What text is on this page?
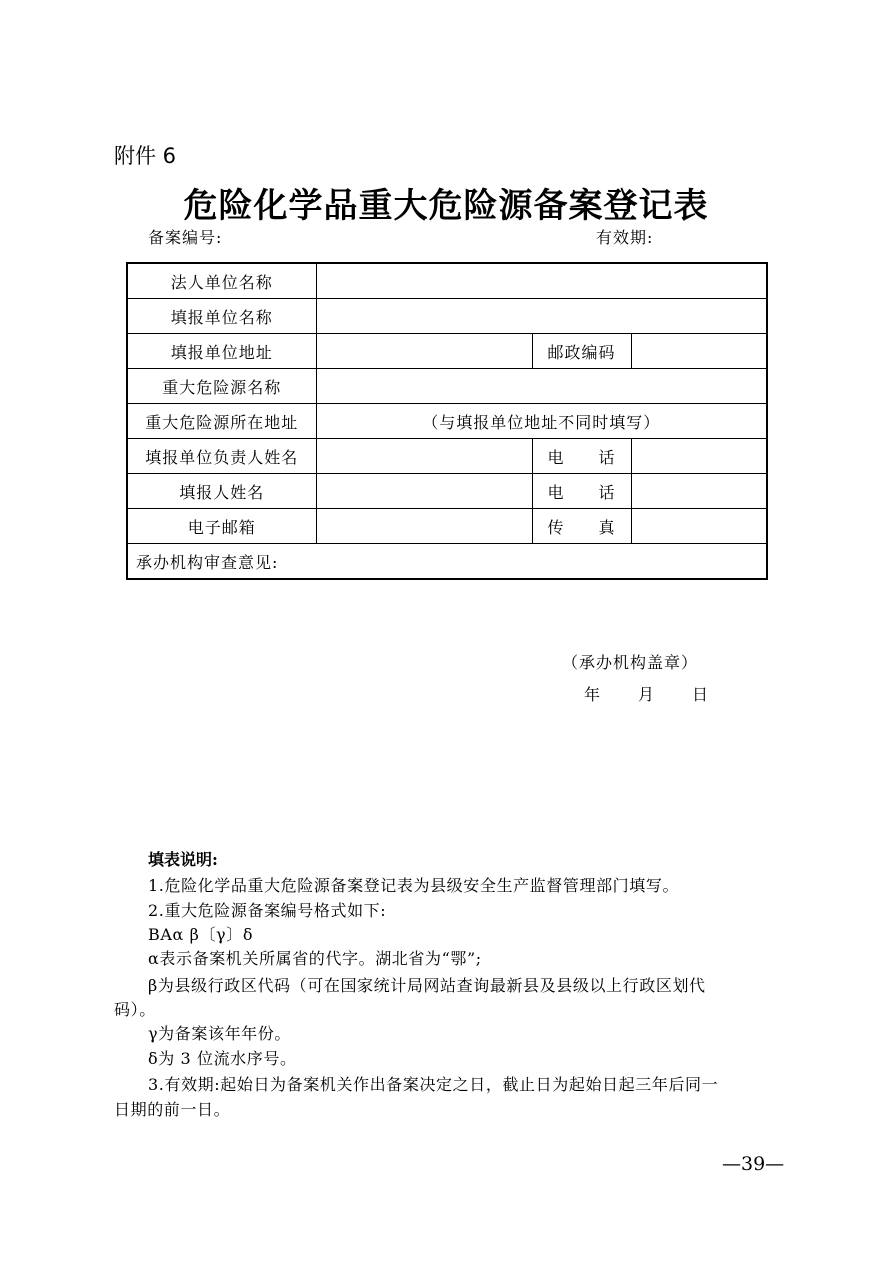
附件 6
危险化学品重大危险源备案登记表
备案编号:	有效期:
法人单位名称			
填报单位名称			
填报单位地址		邮政编码	
重大危险源名称			
重大危险源所在地址	（与填报单位地址不同时填写）		
填报单位负责人姓名		电　　话	
填报人姓名		电　　话	
电子邮箱		传　　真	

承办机构审查意见:
（承办机构盖章）
年 月 日			
填表说明:
1.危险化学品重大危险源备案登记表为县级安全生产监督管理部门填写。
2.重大危险源备案编号格式如下:
BAα β〔γ〕δ
α表示备案机关所属省的代字。湖北省为“鄂”;
β为县级行政区代码（可在国家统计局网站查询最新县及县级以上行政区划代
码）。
γ为备案该年年份。
δ为 3 位流水序号。
3.有效期:起始日为备案机关作出备案决定之日，截止日为起始日起三年后同一
日期的前一日。
—39—
